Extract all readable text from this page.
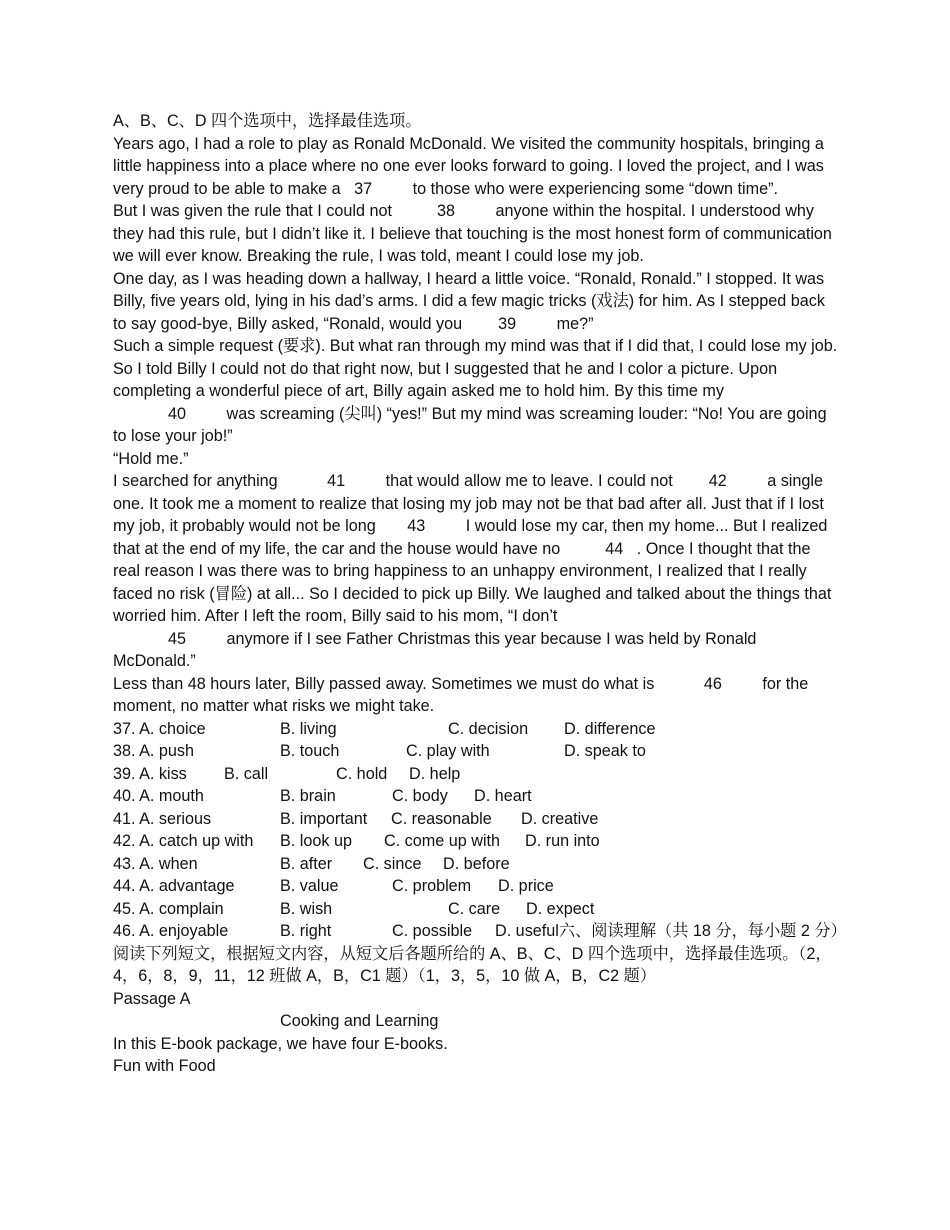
A、B、C、D 四个选项中，选择最佳选项。

Years ago, I had a role to play as Ronald McDonald. We visited the community hospitals, bringing a little happiness into a place where no one ever looks forward to going. I loved the project, and I was very proud to be able to make a 37 to those who were experiencing some “down time”.

But I was given the rule that I could not	38 anyone within the hospital. I understood why they had this rule, but I didn’t like it. I believe that touching is the most honest form of communication we will ever know. Breaking the rule, I was told, meant I could lose my job.

One day, as I was heading down a hallway, I heard a little voice. “Ronald, Ronald.” I stopped. It was Billy, five years old, lying in his dad’s arms. I did a few magic tricks (戏法) for him. As I stepped back to say good-bye, Billy asked, “Ronald, would you 39 me?”

Such a simple request (要求). But what ran through my mind was that if I did that, I could lose my job. So I told Billy I could not do that right now, but I suggested that he and I color a picture. Upon completing a wonderful piece of art, Billy again asked me to hold him. By this time my
40 was screaming (尖叫) “yes!” But my mind was screaming louder: “No! You are going to lose your job!”

“Hold me.”

I searched for anything	41 that would allow me to leave. I could not 42 a single one. It took me a moment to realize that losing my job may not be that bad after all. Just that if I lost my job, it probably would not be long 43 I would lose my car, then my home... But I realized that at the end of my life, the car and the house would have no	44 . Once I thought that the real reason I was there was to bring happiness to an unhappy environment, I realized that I really faced no risk (冒险) at all... So I decided to pick up Billy. We laughed and talked about the things that worried him. After I left the room, Billy said to his mom, “I don’t
45 anymore if I see Father Christmas this year because I was held by Ronald McDonald.”

Less than 48 hours later, Billy passed away. Sometimes we must do what is	46 for the moment, no matter what risks we might take.

37. A. choice	B. living	C. decision D. difference
38. A. push	B. touch	C. play with	D. speak to
39. A. kiss B. call	C. hold D. help
40. A. mouth	B. brain	C. body D. heart
41. A. serious	B. important C. reasonable D. creative
42. A. catch up with B. look up C. come up with D. run into
43. A. when	B. after C. since D. before
44. A. advantage	B. value	C. problem D. price
45. A. complain	B. wish	C. care D. expect

46. A. enjoyable	B. right	C. possible D. useful六、阅读理解（共 18 分，每小题 2 分）阅读下列短文，根据短文内容，从短文后各题所给的 A、B、C、D 四个选项中，选择最佳选项。（2，4，6，8，9，11，12 班做 A，B，C1 题）（1，3，5，10 做 A，B，C2 题）

Passage A

Cooking and Learning

In this E-book package, we have four E-books.

Fun with Food
